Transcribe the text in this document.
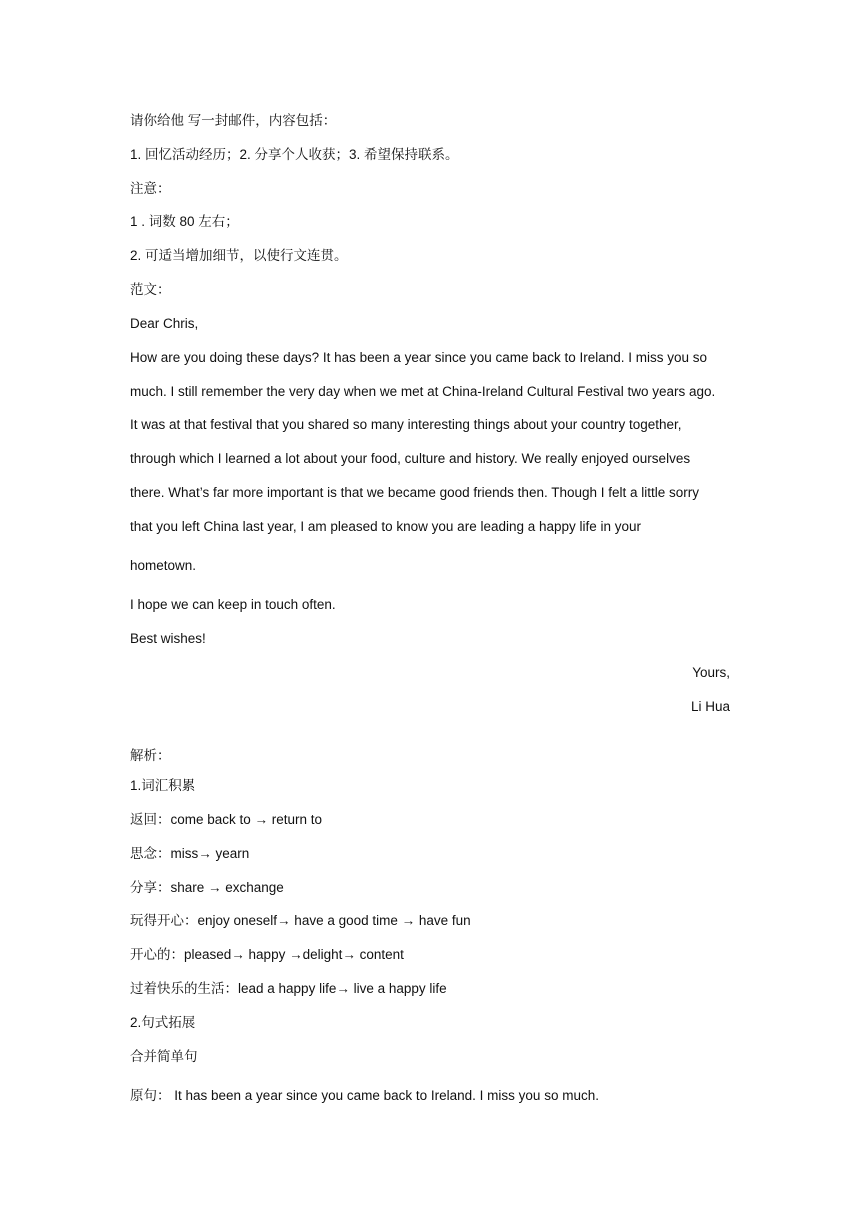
请你给他 写一封邮件，内容包括：
1. 回忆活动经历；2. 分享个人收获；3. 希望保持联系。
注意：
1 . 词数 80 左右；
2. 可适当增加细节，以使行文连贯。
范文：
Dear Chris,
How are you doing these days? It has been a year since you came back to Ireland. I miss you so
much. I still remember the very day when we met at China-Ireland Cultural Festival two years ago.
It was at that festival that you shared so many interesting things about your country together,
through which I learned a lot about your food, culture and history. We really enjoyed ourselves
there. What’s far more important is that we became good friends then. Though I felt a little sorry
that you left China last year, I am pleased to know you are leading a happy life in your
hometown.
I hope we can keep in touch often.
Best wishes!
Yours,
Li Hua
解析：
1.词汇积累
返回：come back to → return to
思念：miss→ yearn
分享：share → exchange
玩得开心：enjoy oneself→ have a good time → have fun
开心的：pleased→ happy →delight→ content
过着快乐的生活：lead a happy life→ live a happy life
2.句式拓展
合并简单句
原句： It has been a year since you came back to Ireland. I miss you so much.
